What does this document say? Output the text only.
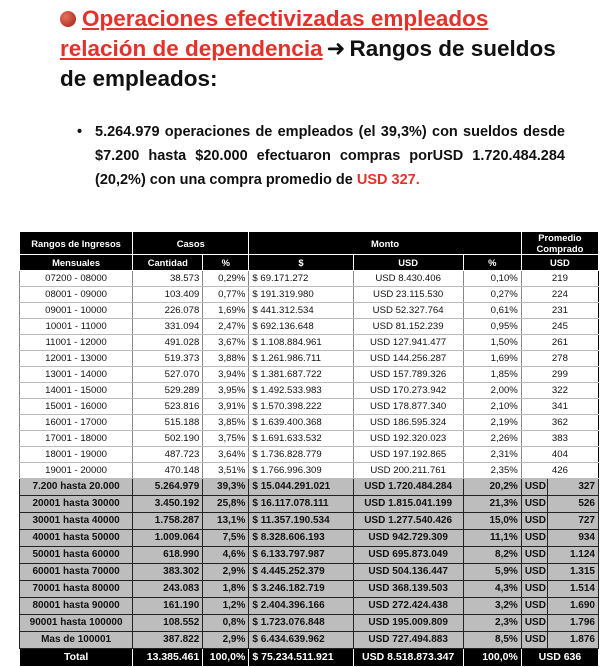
Operaciones efectivizadas empleados relación de dependencia ➜ Rangos de sueldos de empleados:
• 5.264.979 operaciones de empleados (el 39,3%) con sueldos desde $7.200 hasta $20.000 efectuaron compras porUSD 1.720.484.284 (20,2%) con una compra promedio de USD 327.
Rangos de Ingresos	Casos		Monto			Promedio Comprado	
Mensuales	Cantidad	%	$	USD	%	USD	
07200 - 08000	38.573	0,29%	$ 69.171.272	USD 8.430.406	0,10%	219	
08001 - 09000	103.409	0,77%	$ 191.319.980	USD 23.115.530	0,27%	224	
09001 - 10000	226.078	1,69%	$ 441.312.534	USD 52.327.764	0,61%	231	
10001 - 11000	331.094	2,47%	$ 692.136.648	USD 81.152.239	0,95%	245	
11001 - 12000	491.028	3,67%	$ 1.108.884.961	USD 127.941.477	1,50%	261	
12001 - 13000	519.373	3,88%	$ 1.261.986.711	USD 144.256.287	1,69%	278	
13001 - 14000	527.070	3,94%	$ 1.381.687.722	USD 157.789.326	1,85%	299	
14001 - 15000	529.289	3,95%	$ 1.492.533.983	USD 170.273.942	2,00%	322	
15001 - 16000	523.816	3,91%	$ 1.570.398.222	USD 178.877.340	2,10%	341	
16001 - 17000	515.188	3,85%	$ 1.639.400.368	USD 186.595.324	2,19%	362	
17001 - 18000	502.190	3,75%	$ 1.691.633.532	USD 192.320.023	2,26%	383	
18001 - 19000	487.723	3,64%	$ 1.736.828.779	USD 197.192.865	2,31%	404	
19001 - 20000	470.148	3,51%	$ 1.766.996.309	USD 200.211.761	2,35%	426	
7.200 hasta 20.000	5.264.979	39,3%	$ 15.044.291.021	USD 1.720.484.284	20,2%	USD	327
20001 hasta 30000	3.450.192	25,8%	$ 16.117.078.111	USD 1.815.041.199	21,3%	USD	526
30001 hasta 40000	1.758.287	13,1%	$ 11.357.190.534	USD 1.277.540.426	15,0%	USD	727
40001 hasta 50000	1.009.064	7,5%	$ 8.328.606.193	USD 942.729.309	11,1%	USD	934
50001 hasta 60000	618.990	4,6%	$ 6.133.797.987	USD 695.873.049	8,2%	USD	1.124
60001 hasta 70000	383.302	2,9%	$ 4.445.252.379	USD 504.136.447	5,9%	USD	1.315
70001 hasta 80000	243.083	1,8%	$ 3.246.182.719	USD 368.139.503	4,3%	USD	1.514
80001 hasta 90000	161.190	1,2%	$ 2.404.396.166	USD 272.424.438	3,2%	USD	1.690
90001 hasta 100000	108.552	0,8%	$ 1.723.076.848	USD 195.009.809	2,3%	USD	1.796
Mas de 100001	387.822	2,9%	$ 6.434.639.962	USD 727.494.883	8,5%	USD	1.876
Total	13.385.461	100,0%	$ 75.234.511.921	USD 8.518.873.347	100,0%	USD 636	
